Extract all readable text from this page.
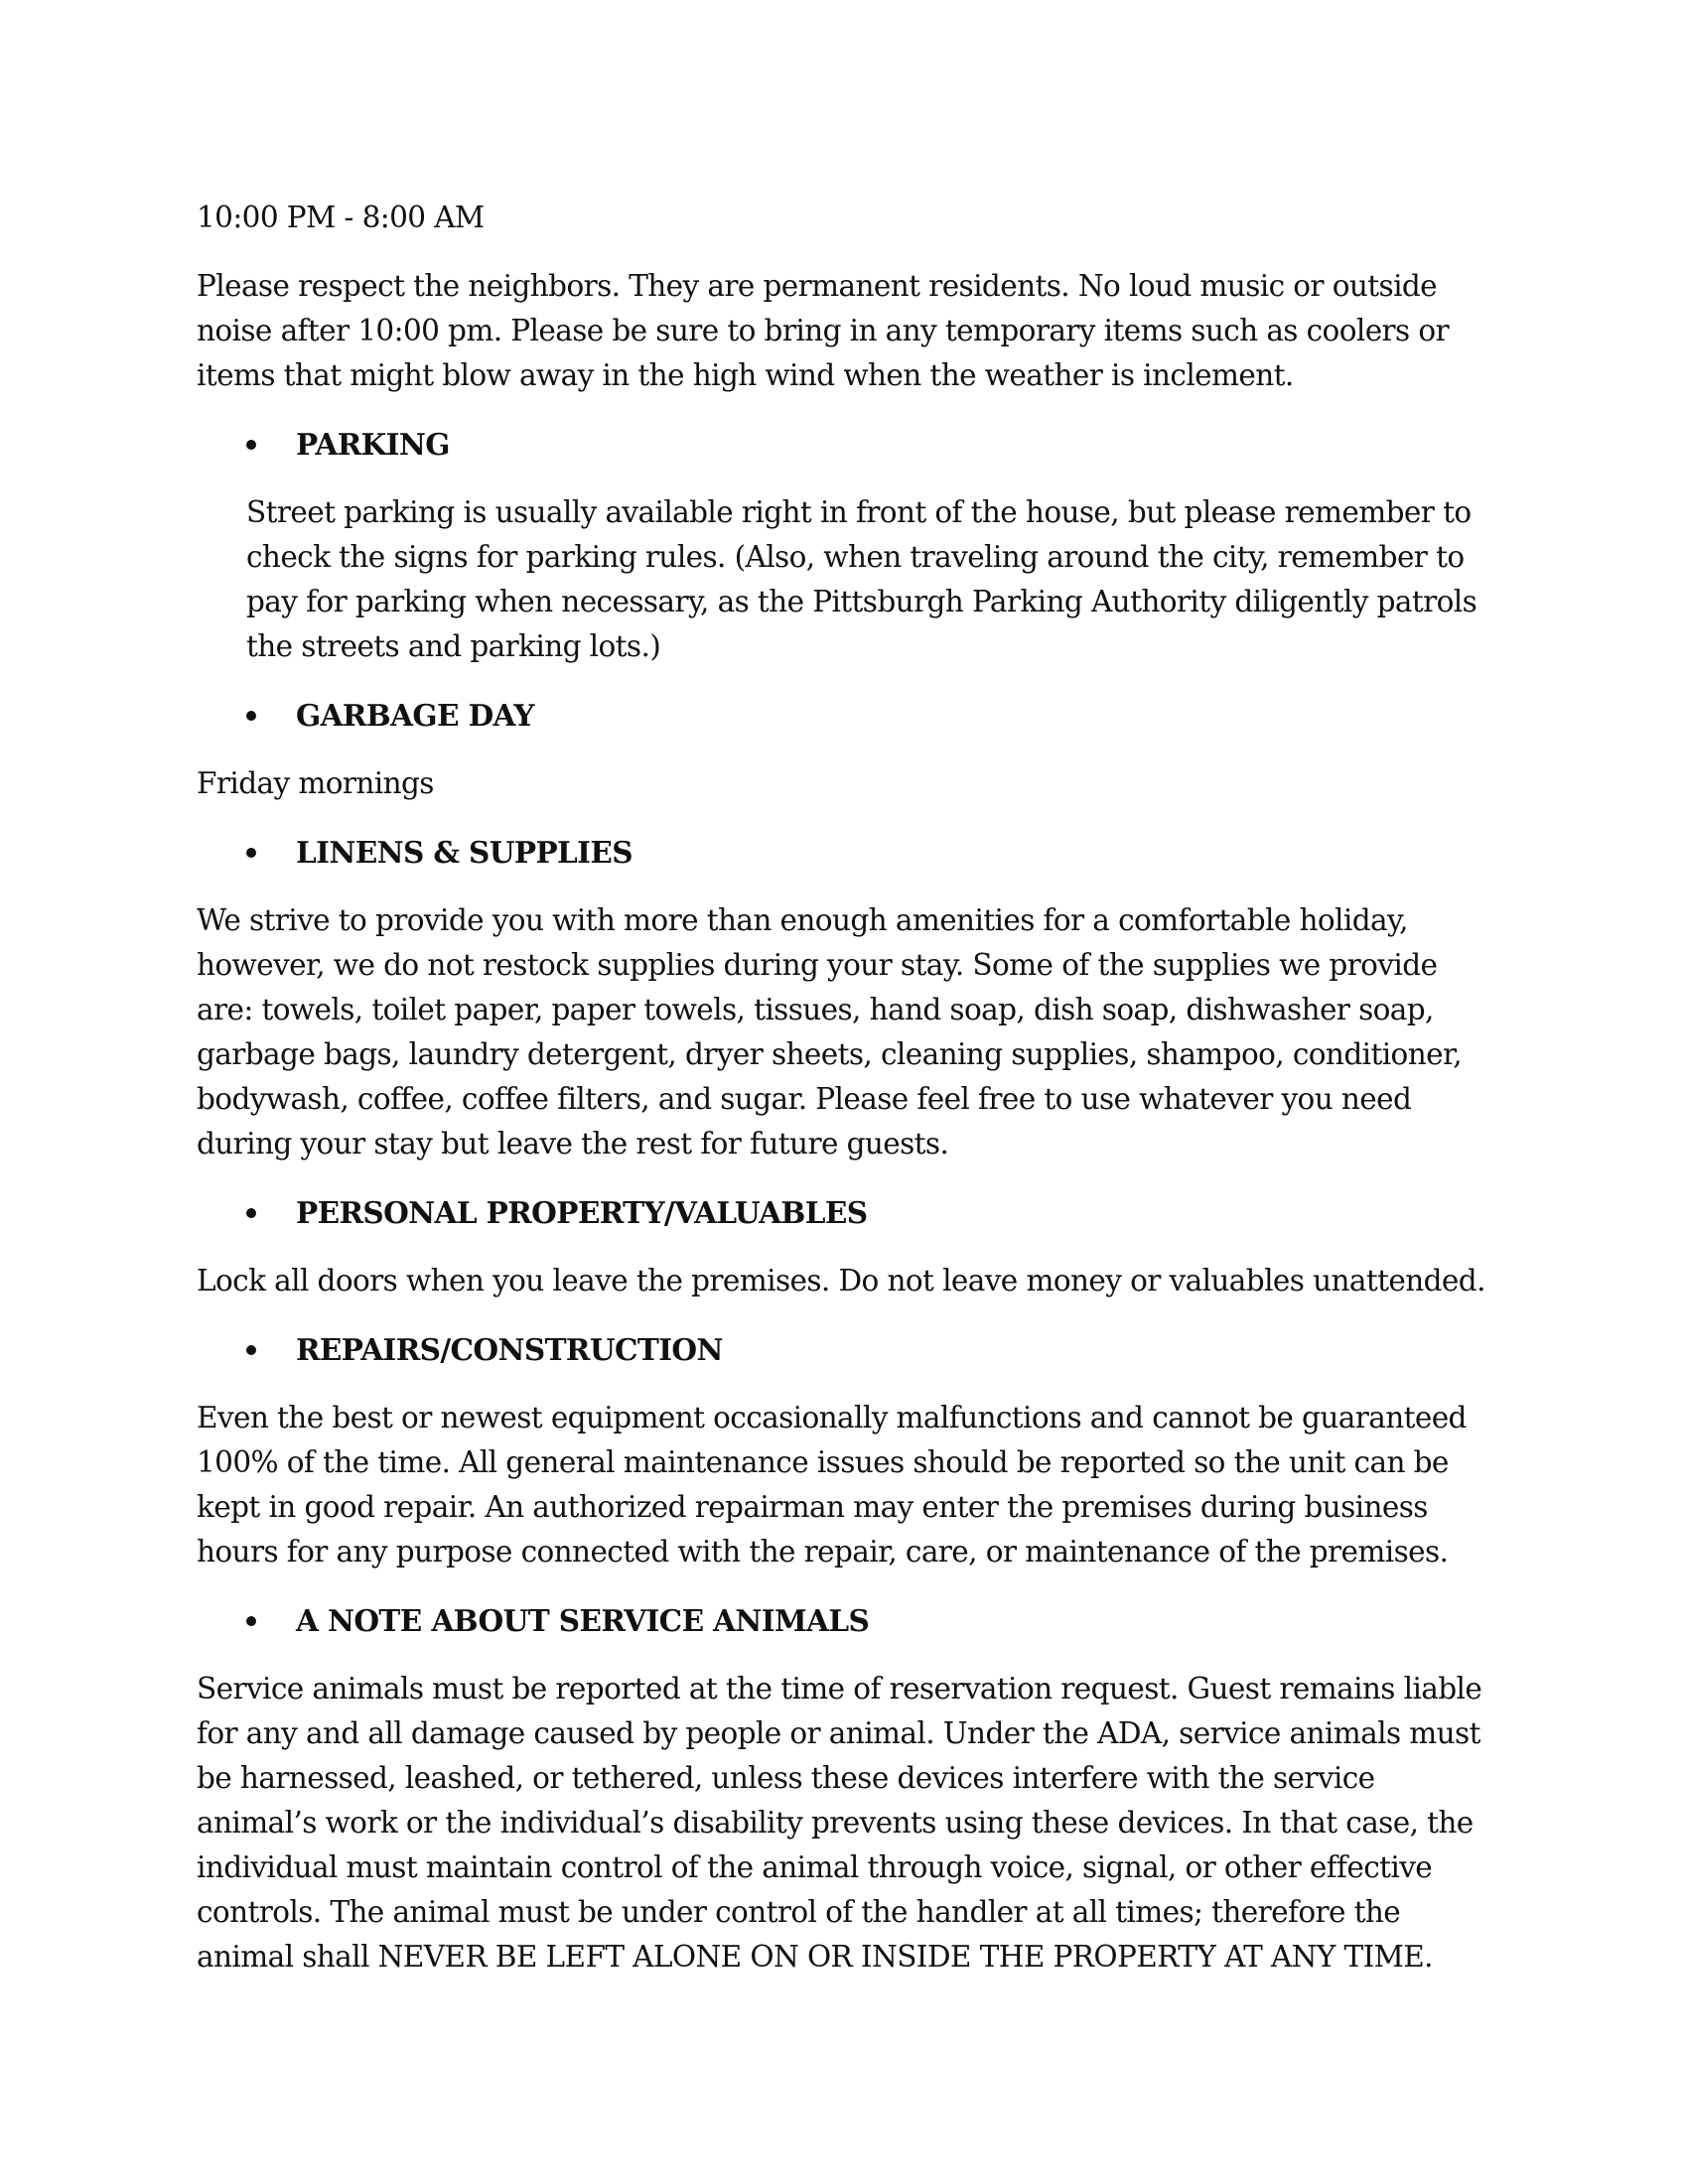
10:00 PM - 8:00 AM

Please respect the neighbors. They are permanent residents. No loud music or outside noise after 10:00 pm. Please be sure to bring in any temporary items such as coolers or items that might blow away in the high wind when the weather is inclement.

PARKING

Street parking is usually available right in front of the house, but please remember to check the signs for parking rules. (Also, when traveling around the city, remember to pay for parking when necessary, as the Pittsburgh Parking Authority diligently patrols the streets and parking lots.)

GARBAGE DAY

Friday mornings

LINENS & SUPPLIES

We strive to provide you with more than enough amenities for a comfortable holiday, however, we do not restock supplies during your stay. Some of the supplies we provide are: towels, toilet paper, paper towels, tissues, hand soap, dish soap, dishwasher soap, garbage bags, laundry detergent, dryer sheets, cleaning supplies, shampoo, conditioner, bodywash, coffee, coffee filters, and sugar. Please feel free to use whatever you need during your stay but leave the rest for future guests.

PERSONAL PROPERTY/VALUABLES

Lock all doors when you leave the premises. Do not leave money or valuables unattended.

REPAIRS/CONSTRUCTION

Even the best or newest equipment occasionally malfunctions and cannot be guaranteed 100% of the time. All general maintenance issues should be reported so the unit can be kept in good repair. An authorized repairman may enter the premises during business hours for any purpose connected with the repair, care, or maintenance of the premises.

A NOTE ABOUT SERVICE ANIMALS

Service animals must be reported at the time of reservation request. Guest remains liable for any and all damage caused by people or animal. Under the ADA, service animals must be harnessed, leashed, or tethered, unless these devices interfere with the service animal’s work or the individual’s disability prevents using these devices. In that case, the individual must maintain control of the animal through voice, signal, or other effective controls. The animal must be under control of the handler at all times; therefore the animal shall NEVER BE LEFT ALONE ON OR INSIDE THE PROPERTY AT ANY TIME.
